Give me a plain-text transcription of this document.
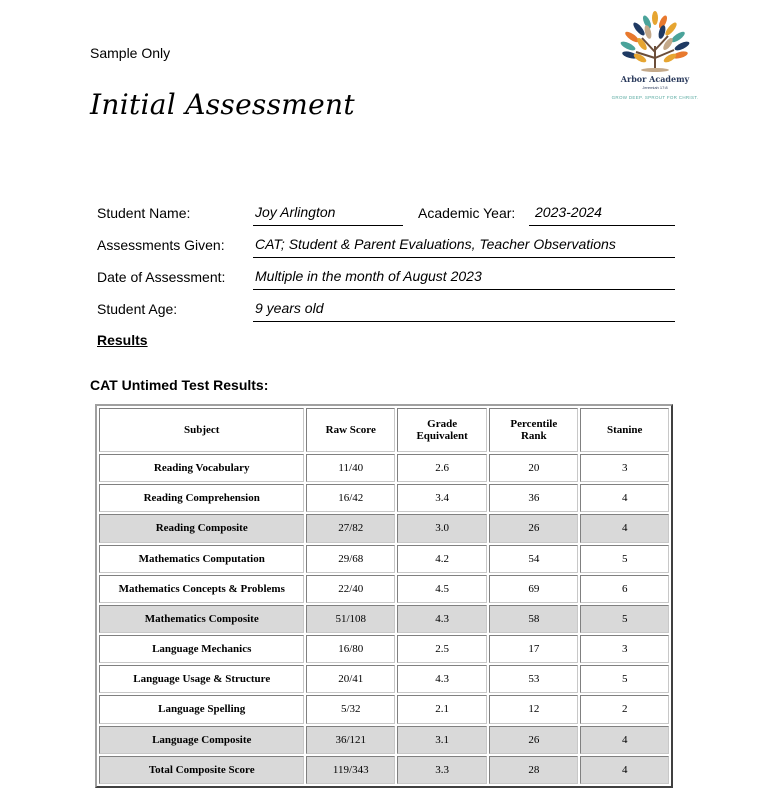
Sample Only
Initial Assessment
Arbor Academy
Jeremiah 17:8
GROW DEEP. SPROUT FOR CHRIST.
Student Name:	Joy Arlington	Academic Year:	2023-2024
Assessments Given: CAT; Student & Parent Evaluations, Teacher Observations
Date of Assessment: Multiple in the month of August 2023
Student Age:	9 years old
Results
CAT Untimed Test Results:
Subject	Raw Score	Grade Equivalent	Percentile Rank	Stanine
Reading Vocabulary	11/40	2.6	20	3
Reading Comprehension	16/42	3.4	36	4
Reading Composite	27/82	3.0	26	4
Mathematics Computation	29/68	4.2	54	5
Mathematics Concepts & Problems	22/40	4.5	69	6
Mathematics Composite	51/108	4.3	58	5
Language Mechanics	16/80	2.5	17	3
Language Usage & Structure	20/41	4.3	53	5
Language Spelling	5/32	2.1	12	2
Language Composite	36/121	3.1	26	4
Total Composite Score	119/343	3.3	28	4
